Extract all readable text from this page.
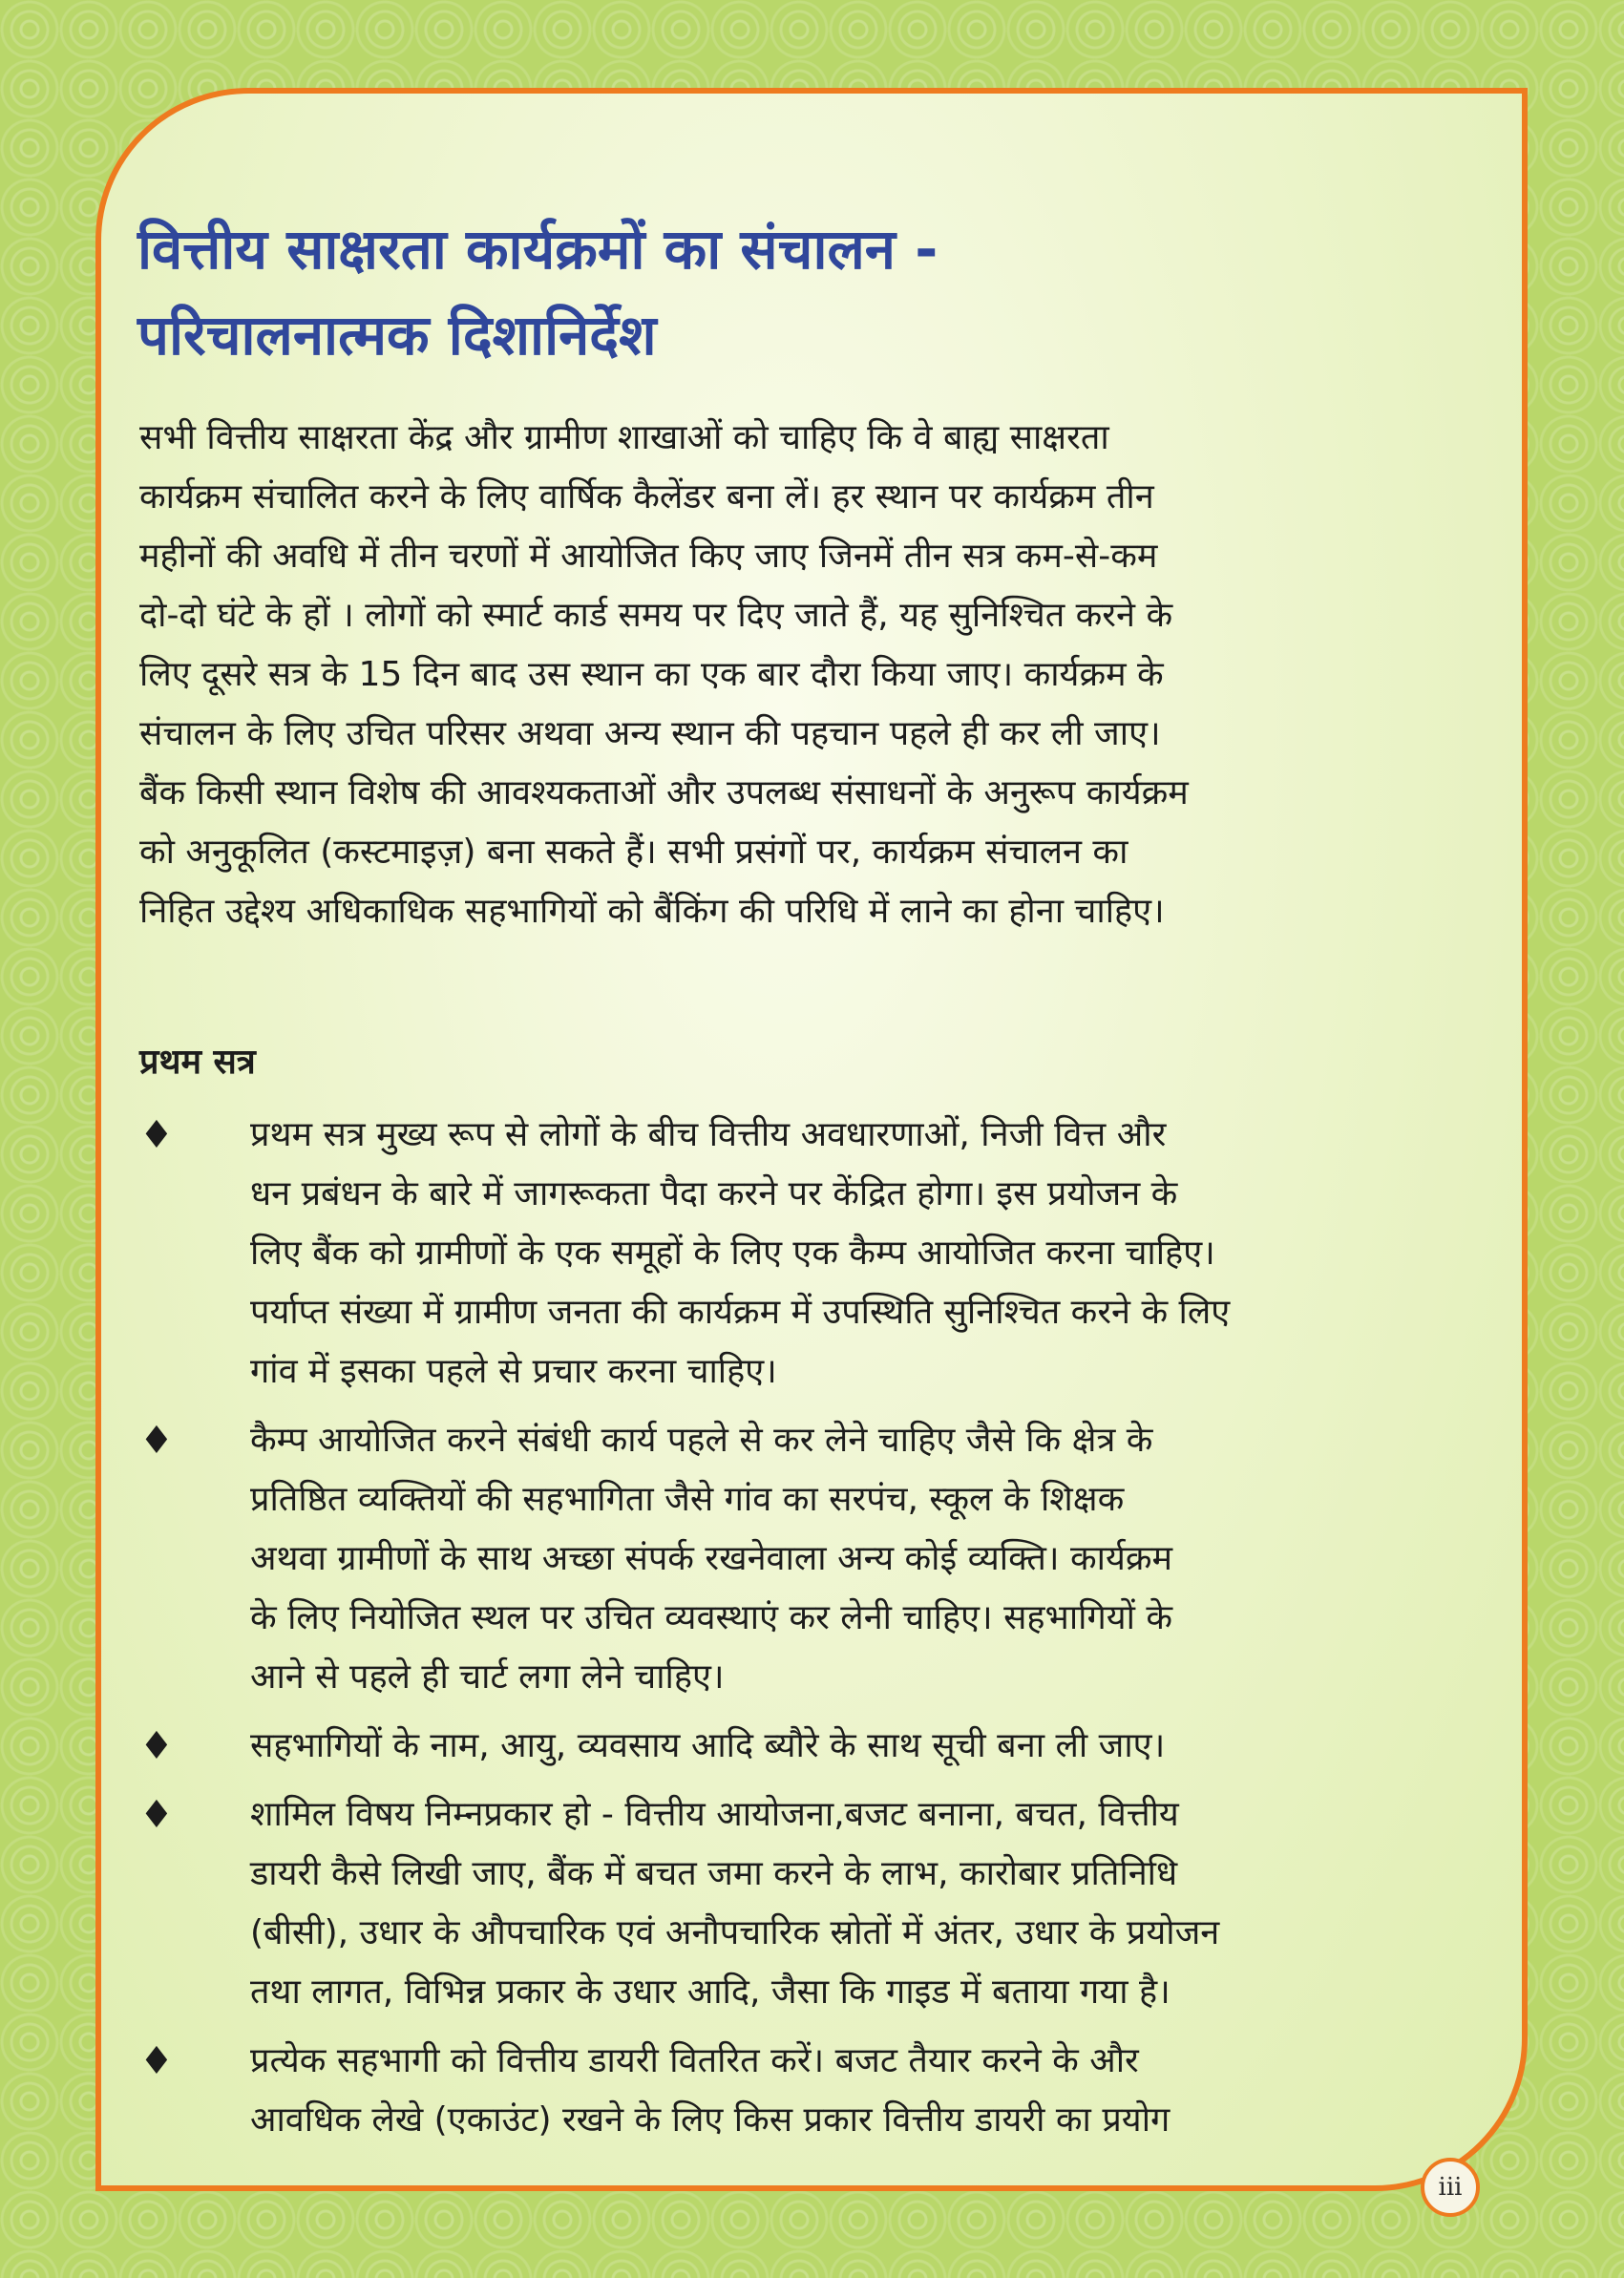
वित्तीय साक्षरता कार्यक्रमों का संचालन -
परिचालनात्मक दिशानिर्देश
सभी वित्तीय साक्षरता केंद्र और ग्रामीण शाखाओं को चाहिए कि वे बाह्य साक्षरता
कार्यक्रम संचालित करने के लिए वार्षिक कैलेंडर बना लें। हर स्थान पर कार्यक्रम तीन
महीनों की अवधि में तीन चरणों में आयोजित किए जाए जिनमें तीन सत्र कम-से-कम
दो-दो घंटे के हों । लोगों को स्मार्ट कार्ड समय पर दिए जाते हैं, यह सुनिश्चित करने के
लिए दूसरे सत्र के 15 दिन बाद उस स्थान का एक बार दौरा किया जाए। कार्यक्रम के
संचालन के लिए उचित परिसर अथवा अन्य स्थान की पहचान पहले ही कर ली जाए।
बैंक किसी स्थान विशेष की आवश्यकताओं और उपलब्ध संसाधनों के अनुरूप कार्यक्रम
को अनुकूलित (कस्टमाइज़) बना सकते हैं। सभी प्रसंगों पर, कार्यक्रम संचालन का
निहित उद्देश्य अधिकाधिक सहभागियों को बैंकिंग की परिधि में लाने का होना चाहिए।
प्रथम सत्र
♦ प्रथम सत्र मुख्य रूप से लोगों के बीच वित्तीय अवधारणाओं, निजी वित्त और
धन प्रबंधन के बारे में जागरूकता पैदा करने पर केंद्रित होगा। इस प्रयोजन के
लिए बैंक को ग्रामीणों के एक समूहों के लिए एक कैम्प आयोजित करना चाहिए।
पर्याप्त संख्या में ग्रामीण जनता की कार्यक्रम में उपस्थिति सुनिश्चित करने के लिए
गांव में इसका पहले से प्रचार करना चाहिए।
♦ कैम्प आयोजित करने संबंधी कार्य पहले से कर लेने चाहिए जैसे कि क्षेत्र के
प्रतिष्ठित व्यक्तियों की सहभागिता जैसे गांव का सरपंच, स्कूल के शिक्षक
अथवा ग्रामीणों के साथ अच्छा संपर्क रखनेवाला अन्य कोई व्यक्ति। कार्यक्रम
के लिए नियोजित स्थल पर उचित व्यवस्थाएं कर लेनी चाहिए। सहभागियों के
आने से पहले ही चार्ट लगा लेने चाहिए।
♦ सहभागियों के नाम, आयु, व्यवसाय आदि ब्यौरे के साथ सूची बना ली जाए।
♦ शामिल विषय निम्नप्रकार हो - वित्तीय आयोजना,बजट बनाना, बचत, वित्तीय
डायरी कैसे लिखी जाए, बैंक में बचत जमा करने के लाभ, कारोबार प्रतिनिधि
(बीसी), उधार के औपचारिक एवं अनौपचारिक स्रोतों में अंतर, उधार के प्रयोजन
तथा लागत, विभिन्न प्रकार के उधार आदि, जैसा कि गाइड में बताया गया है।
♦ प्रत्येक सहभागी को वित्तीय डायरी वितरित करें। बजट तैयार करने के और
आवधिक लेखे (एकाउंट) रखने के लिए किस प्रकार वित्तीय डायरी का प्रयोग
iii
